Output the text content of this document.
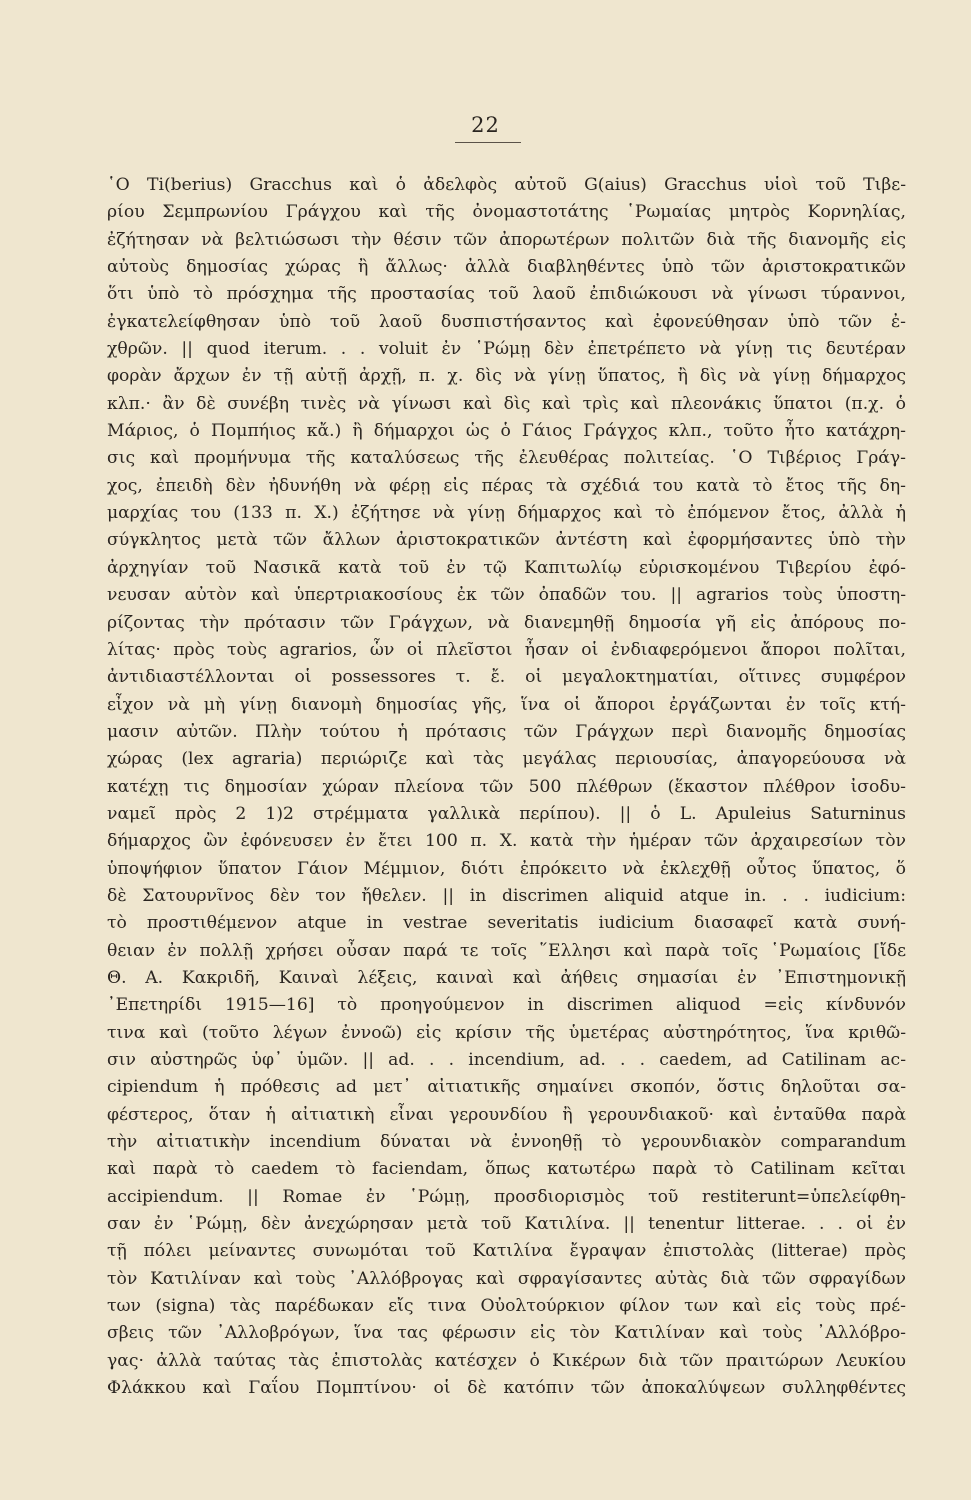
22
῾Ο Ti(berius) Gracchus καὶ ὁ ἀδελφὸς αὐτοῦ G(aius) Gracchus υἱοὶ τοῦ Τιβε-
ρίου Σεμπρωνίου Γράγχου καὶ τῆς ὀνομαστοτάτης ῾Ρωμαίας μητρὸς Κορνηλίας,
ἐζήτησαν νὰ βελτιώσωσι τὴν θέσιν τῶν ἀπορωτέρων πολιτῶν διὰ τῆς διανομῆς εἰς
αὐτοὺς δημοσίας χώρας ἢ ἄλλως· ἀλλὰ διαβληθέντες ὑπὸ τῶν ἀριστοκρατικῶν
ὅτι ὑπὸ τὸ πρόσχημα τῆς προστασίας τοῦ λαοῦ ἐπιδιώκουσι νὰ γίνωσι τύραννοι,
ἐγκατελείφθησαν ὑπὸ τοῦ λαοῦ δυσπιστήσαντος καὶ ἐφονεύθησαν ὑπὸ τῶν ἐ-
χθρῶν. || quod iterum. . . voluit ἐν ῾Ρώμῃ δὲν ἐπετρέπετο νὰ γίνῃ τις δευτέραν
φορὰν ἄρχων ἐν τῇ αὐτῇ ἀρχῇ, π. χ. δὶς νὰ γίνῃ ὕπατος, ἢ δὶς νὰ γίνῃ δήμαρχος
κλπ.· ἂν δὲ συνέβη τινὲς νὰ γίνωσι καὶ δὶς καὶ τρὶς καὶ πλεονάκις ὕπατοι (π.χ. ὁ
Μάριος, ὁ Πομπήιος κἄ.) ἢ δήμαρχοι ὡς ὁ Γάιος Γράγχος κλπ., τοῦτο ἦτο κατάχρη-
σις καὶ προμήνυμα τῆς καταλύσεως τῆς ἐλευθέρας πολιτείας. ῾Ο Τιβέριος Γράγ-
χος, ἐπειδὴ δὲν ἠδυνήθη νὰ φέρῃ εἰς πέρας τὰ σχέδιά του κατὰ τὸ ἔτος τῆς δη-
μαρχίας του (133 π. Χ.) ἐζήτησε νὰ γίνῃ δήμαρχος καὶ τὸ ἐπόμενον ἔτος, ἀλλὰ ἡ
σύγκλητος μετὰ τῶν ἄλλων ἀριστοκρατικῶν ἀντέστη καὶ ἐφορμήσαντες ὑπὸ τὴν
ἀρχηγίαν τοῦ Νασικᾶ κατὰ τοῦ ἐν τῷ Καπιτωλίῳ εὑρισκομένου Τιβερίου ἐφό-
νευσαν αὐτὸν καὶ ὑπερτριακοσίους ἐκ τῶν ὀπαδῶν του. || agrarios τοὺς ὑποστη-
ρίζοντας τὴν πρότασιν τῶν Γράγχων, νὰ διανεμηθῇ δημοσία γῆ εἰς ἀπόρους πο-
λίτας· πρὸς τοὺς agrarios, ὧν οἱ πλεῖστοι ἦσαν οἱ ἐνδιαφερόμενοι ἄποροι πολῖται,
ἀντιδιαστέλλονται οἱ possessores τ. ἔ. οἱ μεγαλοκτηματίαι, οἵτινες συμφέρον
εἶχον νὰ μὴ γίνῃ διανομὴ δημοσίας γῆς, ἵνα οἱ ἄποροι ἐργάζωνται ἐν τοῖς κτή-
μασιν αὐτῶν. Πλὴν τούτου ἡ πρότασις τῶν Γράγχων περὶ διανομῆς δημοσίας
χώρας (lex agraria) περιώριζε καὶ τὰς μεγάλας περιουσίας, ἀπαγορεύουσα νὰ
κατέχῃ τις δημοσίαν χώραν πλείονα τῶν 500 πλέθρων (ἕκαστον πλέθρον ἰσοδυ-
ναμεῖ πρὸς 2 1)2 στρέμματα γαλλικὰ περίπου). || ὁ L. Apuleius Saturninus
δήμαρχος ὢν ἐφόνευσεν ἐν ἔτει 100 π. Χ. κατὰ τὴν ἡμέραν τῶν ἀρχαιρεσίων τὸν
ὑποψήφιον ὕπατον Γάιον Μέμμιον, διότι ἐπρόκειτο νὰ ἐκλεχθῇ οὗτος ὕπατος, ὅ
δὲ Σατουρνῖνος δὲν τον ἤθελεν. || in discrimen aliquid atque in. . . iudicium:
τὸ προστιθέμενον atque in vestrae severitatis iudicium διασαφεῖ κατὰ συνή-
θειαν ἐν πολλῇ χρήσει οὖσαν παρά τε τοῖς ῞Ελλησι καὶ παρὰ τοῖς ῾Ρωμαίοις [ἴδε
Θ. Α. Κακριδῆ, Καιναὶ λέξεις, καιναὶ καὶ ἀήθεις σημασίαι ἐν ᾿Επιστημονικῇ
᾿Επετηρίδι 1915—16] τὸ προηγούμενον in discrimen aliquod =εἰς κίνδυνόν
τινα καὶ (τοῦτο λέγων ἐννοῶ) εἰς κρίσιν τῆς ὑμετέρας αὐστηρότητος, ἵνα κριθῶ-
σιν αὐστηρῶς ὑφ᾿ ὑμῶν. || ad. . . incendium, ad. . . caedem, ad Catilinam ac-
cipiendum ἡ πρόθεσις ad μετ᾿ αἰτιατικῆς σημαίνει σκοπόν, ὅστις δηλοῦται σα-
φέστερος, ὅταν ἡ αἰτιατικὴ εἶναι γερουνδίου ἢ γερουνδιακοῦ· καὶ ἐνταῦθα παρὰ
τὴν αἰτιατικὴν incendium δύναται νὰ ἐννοηθῇ τὸ γερουνδιακὸν comparandum
καὶ παρὰ τὸ caedem τὸ faciendam, ὅπως κατωτέρω παρὰ τὸ Catilinam κεῖται
accipiendum. || Romae ἐν ῾Ρώμῃ, προσδιορισμὸς τοῦ restiterunt=ὑπελείφθη-
σαν ἐν ῾Ρώμῃ, δὲν ἀνεχώρησαν μετὰ τοῦ Κατιλίνα. || tenentur litterae. . . οἱ ἐν
τῇ πόλει μείναντες συνωμόται τοῦ Κατιλίνα ἔγραψαν ἐπιστολὰς (litterae) πρὸς
τὸν Κατιλίναν καὶ τοὺς ᾿Αλλόβρογας καὶ σφραγίσαντες αὐτὰς διὰ τῶν σφραγίδων
των (signa) τὰς παρέδωκαν εἴς τινα Οὐολτούρκιον φίλον των καὶ εἰς τοὺς πρέ-
σβεις τῶν ᾿Αλλοβρόγων, ἵνα τας φέρωσιν εἰς τὸν Κατιλίναν καὶ τοὺς ᾿Αλλόβρο-
γας· ἀλλὰ ταύτας τὰς ἐπιστολὰς κατέσχεν ὁ Κικέρων διὰ τῶν πραιτώρων Λευκίου
Φλάκκου καὶ Γαΐου Πομπτίνου· οἱ δὲ κατόπιν τῶν ἀποκαλύψεων συλληφθέντες
